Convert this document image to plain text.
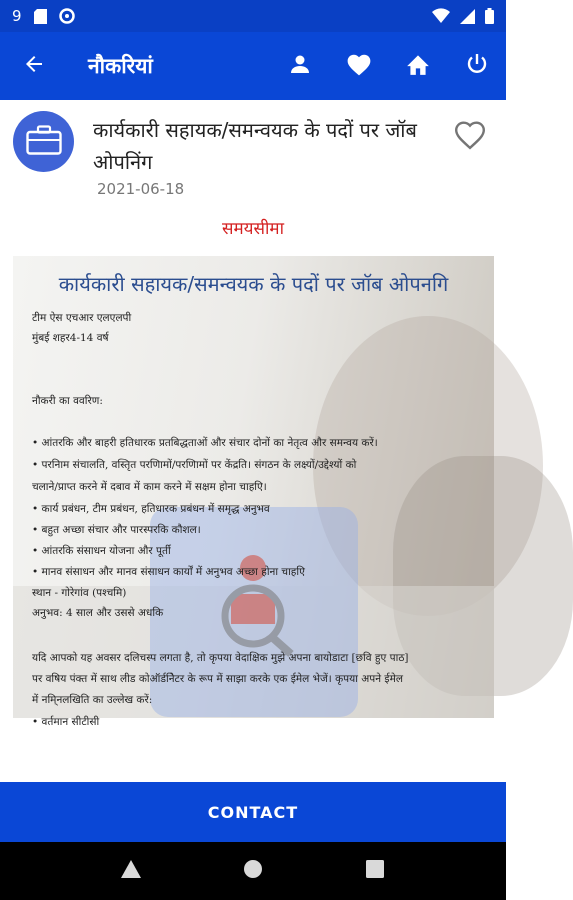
9
नौकरियां
कार्यकारी सहायक/समन्वयक के पदों पर जॉब ओपनिंग
2021-06-18
समयसीमा
कार्यकारी सहायक/समन्वयक के पदों पर जॉब ओपनगि
टीम ऐस एचआर एलएलपी
मुंबई शहर4-14 वर्ष
नौकरी का ववरिण:
• आंतरकि और बाहरी हतिधारक प्रतबिद्धताओं और संचार दोनों का नेतृत्व और समन्वय करें।
• परनिाम संचालति, वस्तिृत परणिामों/परणिामों पर केंद्रति। संगठन के लक्ष्यों/उद्देश्यों को
चलाने/प्राप्त करने में दबाव में काम करने में सक्षम होना चाहएि।
• कार्य प्रबंधन, टीम प्रबंधन, हतिधारक प्रबंधन में समृद्ध अनुभव
• बहुत अच्छा संचार और पारस्परकि कौशल।
• आंतरकि संसाधन योजना और पूर्ती
• मानव संसाधन और मानव संसाधन कार्यों में अनुभव अच्छा होना चाहएि
स्थान - गोरेगांव (पश्चमि)
अनुभव: 4 साल और उससे अधकि
यदि आपको यह अवसर दलिचस्प लगता है, तो कृपया वेदाक्षिक मुझे अपना बायोडाटा [छवि हुए पाठ]
पर वषिय पंक्त में साथ लीड कोऑर्डनिेटर के रूप में साझा करके एक ईमेल भेजें। कृपया अपने ईमेल
में नमि्नलखिति का उल्लेख करें:
• वर्तमान सीटीसी
CONTACT
